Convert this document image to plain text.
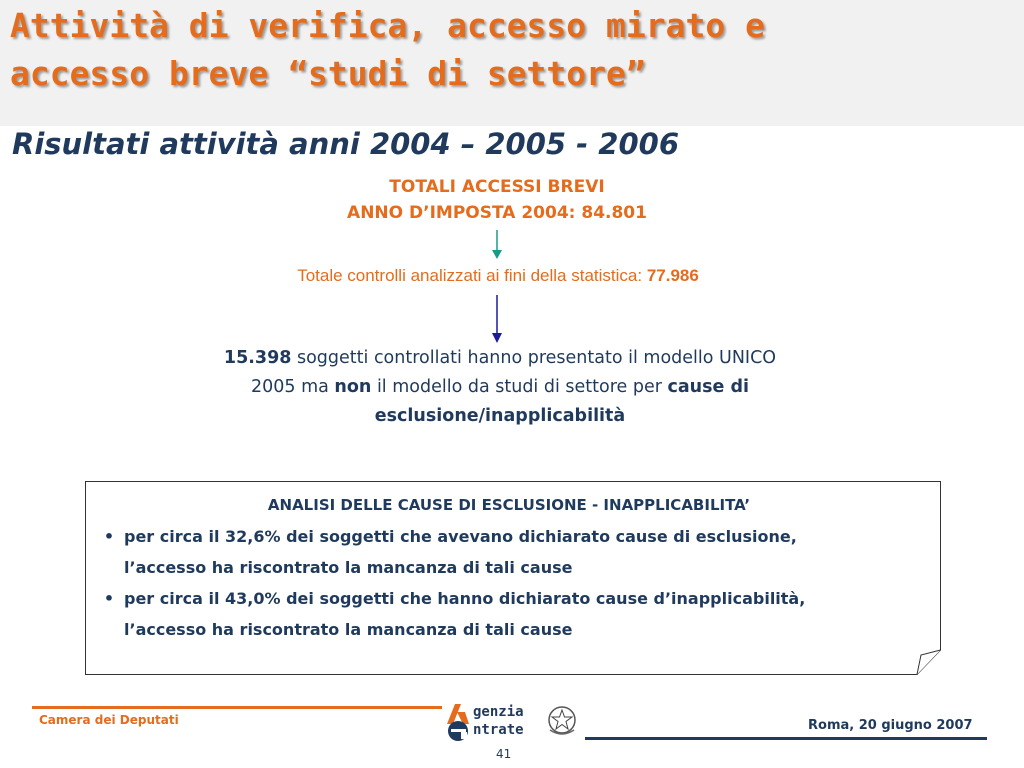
Attività di verifica, accesso mirato e
accesso breve “studi di settore”
Risultati attività anni 2004 – 2005 - 2006
TOTALI ACCESSI BREVI
ANNO D’IMPOSTA 2004: 84.801
Totale controlli analizzati ai fini della statistica: 77.986
15.398 soggetti controllati hanno presentato il modello UNICO 2005 ma non il modello da studi di settore per cause di esclusione/inapplicabilità

ANALISI DELLE CAUSE DI ESCLUSIONE - INAPPLICABILITA’

• per circa il 32,6% dei soggetti che avevano dichiarato cause di esclusione, l’accesso ha riscontrato la mancanza di tali cause
• per circa il 43,0% dei soggetti che hanno dichiarato cause d’inapplicabilità, l’accesso ha riscontrato la mancanza di tali cause
Camera dei Deputati	genzia
ntrate	Roma, 20 giugno 2007
41
